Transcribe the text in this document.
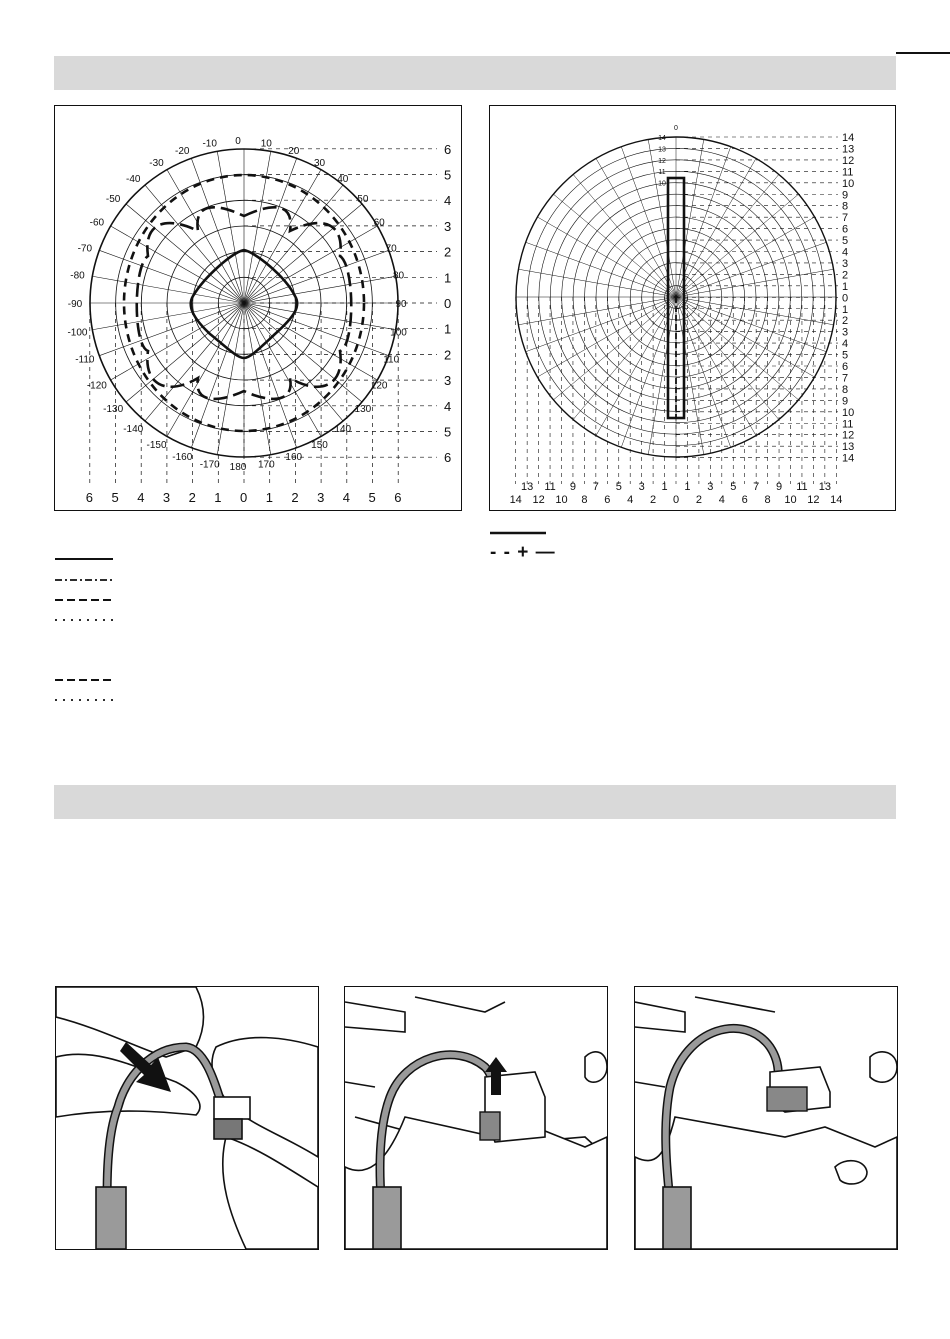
6
5
4
3
2
1
0
1
2
3
4
5
6
6 5 4 3 2 1 0 1 2 3 4 5 6
0 10
-10
20
-20
30
-30
40
-40
50
-50
60
-60
70
-70
80
-80
90
-90
100
-100
110
-110
120
-120
130
-130
140
-140
150
-150
160
-160
170
-170 180
14
13
12
11
10
9
8
7
6
5
4
3
2
1
0
1
2
3
4
5
6
7
8
9
10
11
12
13
14
13 11 9 7 5 3 1 1 3 5 7 9 11 13
14 12 10 8 6 4 2 0 2 4 6 8 10 12 14
0
14
13
12
11
10
- - + —
